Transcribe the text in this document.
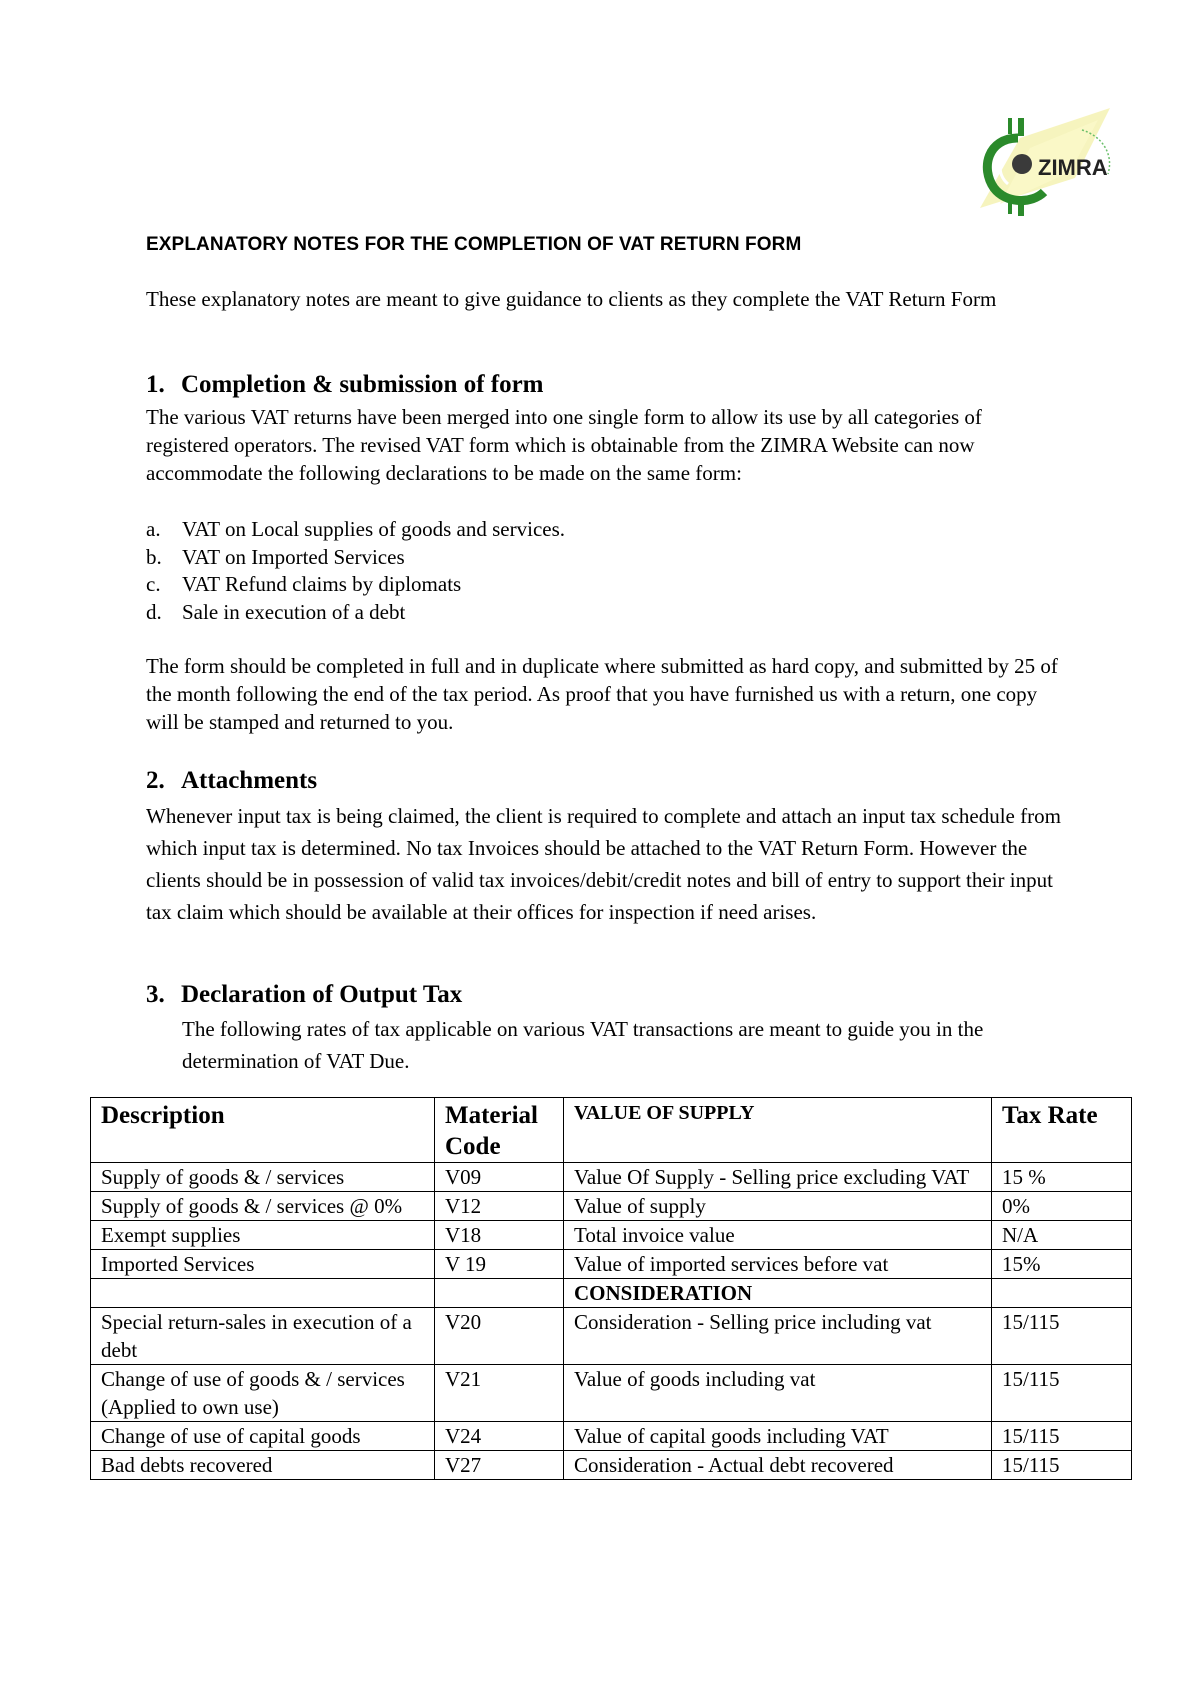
ZIMRA
EXPLANATORY NOTES FOR THE COMPLETION OF VAT RETURN FORM
These explanatory notes are meant to give guidance to clients as they complete the VAT Return Form
1. Completion & submission of form

The various VAT returns have been merged into one single form to allow its use by all categories of registered operators. The revised VAT form which is obtainable from the ZIMRA Website can now accommodate the following declarations to be made on the same form:

a.	VAT on Local supplies of goods and services.
b. VAT on Imported Services
c.	VAT Refund claims by diplomats
d. Sale in execution of a debt
The form should be completed in full and in duplicate where submitted as hard copy, and submitted by 25 of the month following the end of the tax period. As proof that you have furnished us with a return, one copy will be stamped and returned to you.
2. Attachments
Whenever input tax is being claimed, the client is required to complete and attach an input tax schedule from which input tax is determined. No tax Invoices should be attached to the VAT Return Form. However the clients should be in possession of valid tax invoices/debit/credit notes and bill of entry to support their input tax claim which should be available at their offices for inspection if need arises.
3. Declaration of Output Tax
The following rates of tax applicable on various VAT transactions are meant to guide you in the determination of VAT Due.
Description	Material Code	VALUE OF SUPPLY	Tax Rate
Supply of goods & / services	V09	Value Of Supply - Selling price excluding VAT	15 %
Supply of goods & / services @ 0%	V12	Value of supply	0%
Exempt supplies	V18	Total invoice value	N/A
Imported Services	V 19	Value of imported services before vat	15%
		CONSIDERATION	
Special return-sales in execution of a debt	V20	Consideration - Selling price including vat	15/115
Change of use of goods & / services (Applied to own use)	V21	Value of goods including vat	15/115
Change of use of capital goods	V24	Value of capital goods including VAT	15/115
Bad debts recovered	V27	Consideration - Actual debt recovered	15/115
